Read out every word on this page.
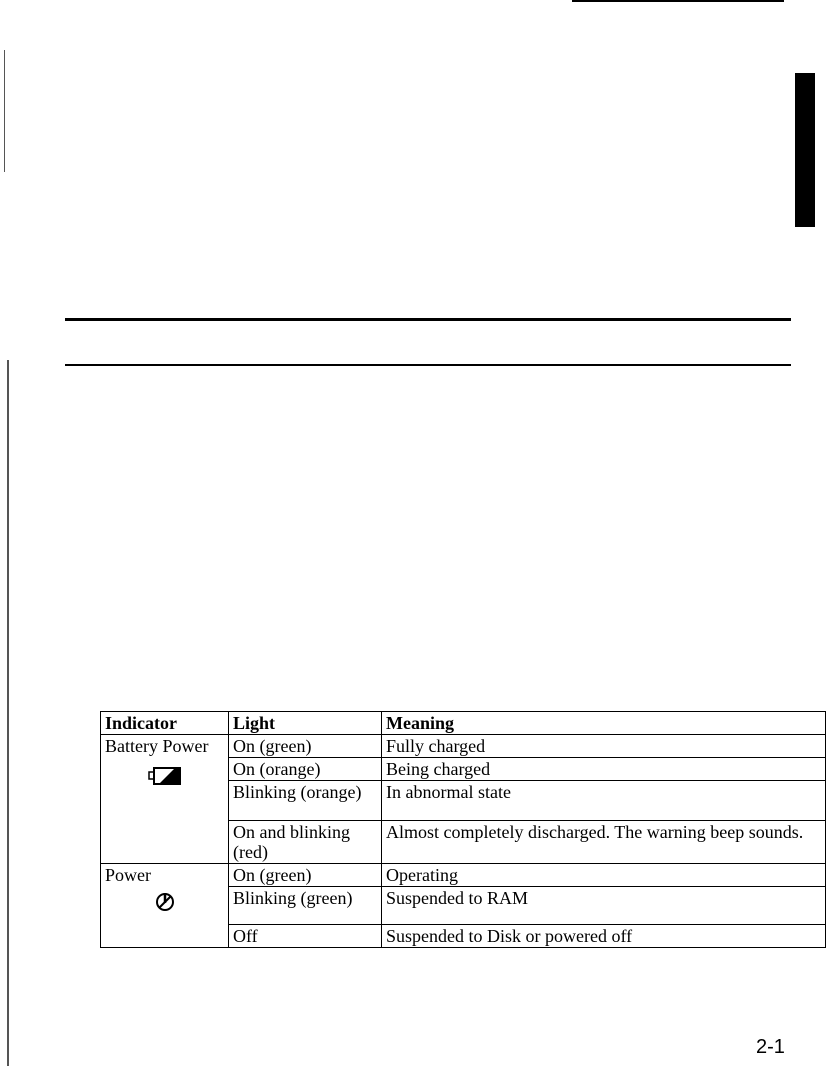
Indicator	Light	Meaning
Battery Power	On (green)	Fully charged
	On (orange)	Being charged
	Blinking (orange)	In abnormal state
	On and blinking (red)	Almost completely discharged. The warning beep sounds.
Power	On (green)	Operating
	Blinking (green)	Suspended to RAM
	Off	Suspended to Disk or powered off
2-1
